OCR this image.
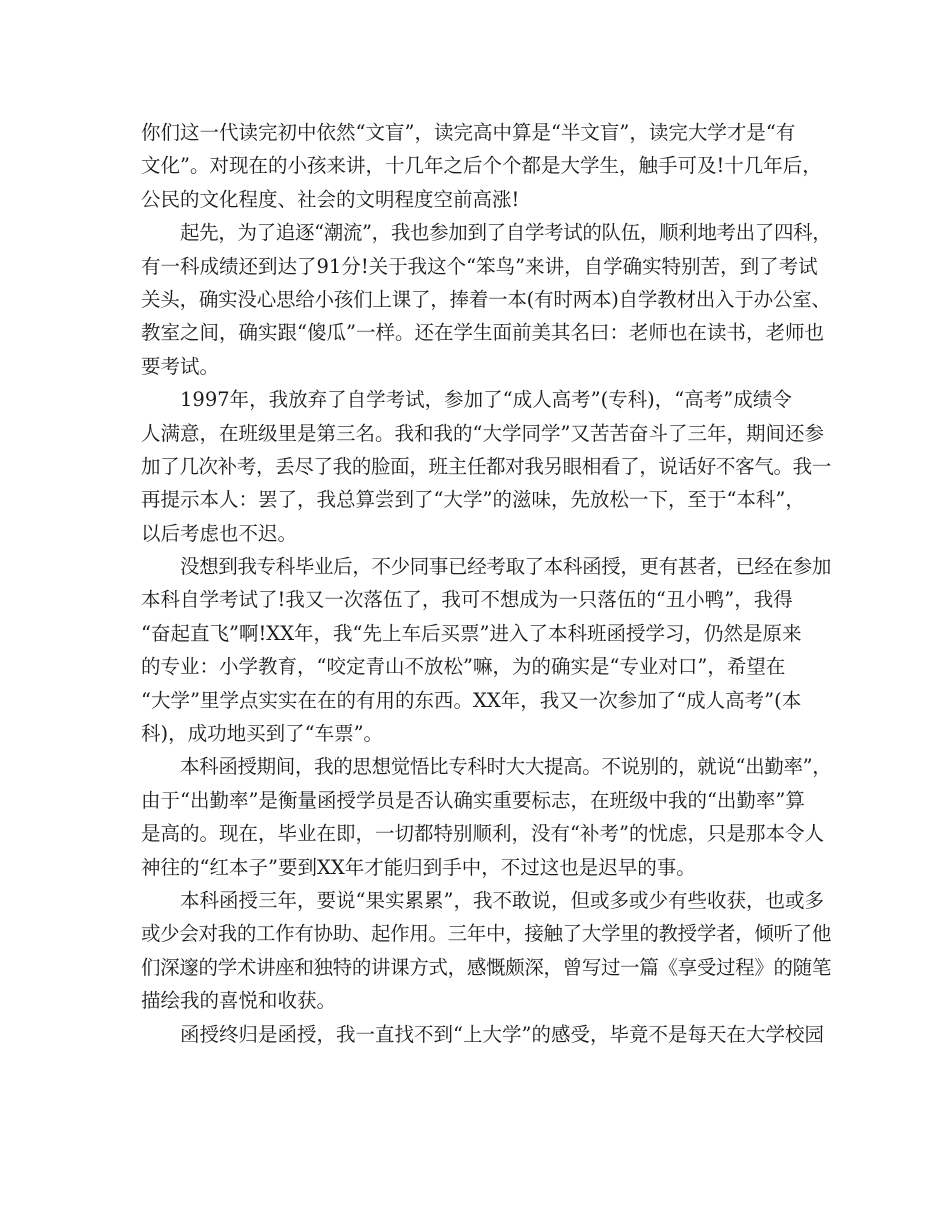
你们这一代读完初中依然“文盲”，读完高中算是“半文盲”，读完大学才是“有
文化”。对现在的小孩来讲，十几年之后个个都是大学生，触手可及!十几年后，
公民的文化程度、社会的文明程度空前高涨!
起先，为了追逐“潮流”，我也参加到了自学考试的队伍，顺利地考出了四科，
有一科成绩还到达了91分!关于我这个“笨鸟”来讲，自学确实特别苦，到了考试
关头，确实没心思给小孩们上课了，捧着一本(有时两本)自学教材出入于办公室、
教室之间，确实跟“傻瓜”一样。还在学生面前美其名曰：老师也在读书，老师也
要考试。
1997年，我放弃了自学考试，参加了“成人高考”(专科)，“高考”成绩令
人满意，在班级里是第三名。我和我的“大学同学”又苦苦奋斗了三年，期间还参
加了几次补考，丢尽了我的脸面，班主任都对我另眼相看了，说话好不客气。我一
再提示本人：罢了，我总算尝到了“大学”的滋味，先放松一下，至于“本科”，
以后考虑也不迟。
没想到我专科毕业后，不少同事已经考取了本科函授，更有甚者，已经在参加
本科自学考试了!我又一次落伍了，我可不想成为一只落伍的“丑小鸭”，我得
“奋起直飞”啊!XX年，我“先上车后买票”进入了本科班函授学习，仍然是原来
的专业：小学教育，“咬定青山不放松”嘛，为的确实是“专业对口”，希望在
“大学”里学点实实在在的有用的东西。XX年，我又一次参加了“成人高考”(本
科)，成功地买到了“车票”。
本科函授期间，我的思想觉悟比专科时大大提高。不说别的，就说“出勤率”，
由于“出勤率”是衡量函授学员是否认确实重要标志，在班级中我的“出勤率”算
是高的。现在，毕业在即，一切都特别顺利，没有“补考”的忧虑，只是那本令人
神往的“红本子”要到XX年才能归到手中，不过这也是迟早的事。
本科函授三年，要说“果实累累”，我不敢说，但或多或少有些收获，也或多
或少会对我的工作有协助、起作用。三年中，接触了大学里的教授学者，倾听了他
们深邃的学术讲座和独特的讲课方式，感慨颇深，曾写过一篇《享受过程》的随笔
描绘我的喜悦和收获。
函授终归是函授，我一直找不到“上大学”的感受，毕竟不是每天在大学校园
